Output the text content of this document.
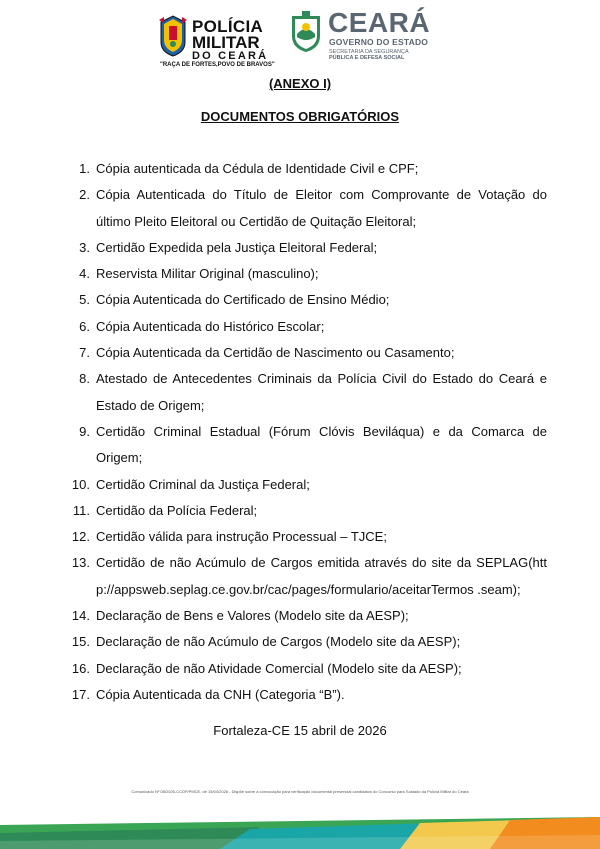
POLÍCIA
MILITAR
DO CEARÁ
"RAÇA DE FORTES,POVO DE BRAVOS"
CEARÁ
GOVERNO DO ESTADO
SECRETARIA DA SEGURANÇA
PÚBLICA E DEFESA SOCIAL
(ANEXO I)
DOCUMENTOS OBRIGATÓRIOS
1. Cópia autenticada da Cédula de Identidade Civil e CPF;
2. Cópia Autenticada do Título de Eleitor com Comprovante de Votação do último Pleito Eleitoral ou Certidão de Quitação Eleitoral;
3. Certidão Expedida pela Justiça Eleitoral Federal;
4. Reservista Militar Original (masculino);
5. Cópia Autenticada do Certificado de Ensino Médio;
6. Cópia Autenticada do Histórico Escolar;
7. Cópia Autenticada da Certidão de Nascimento ou Casamento;
8. Atestado de Antecedentes Criminais da Polícia Civil do Estado do Ceará e Estado de Origem;
9. Certidão Criminal Estadual (Fórum Clóvis Beviláqua) e da Comarca de Origem;
10. Certidão Criminal da Justiça Federal;
11. Certidão da Polícia Federal;
12. Certidão válida para instrução Processual – TJCE;
13. Certidão de não Acúmulo de Cargos emitida através do site da SEPLAG(http://appsweb.seplag.ce.gov.br/cac/pages/formulario/aceitarTermos .seam);
14. Declaração de Bens e Valores (Modelo site da AESP);
15. Declaração de não Acúmulo de Cargos (Modelo site da AESP);
16. Declaração de não Atividade Comercial (Modelo site da AESP);
17. Cópia Autenticada da CNH (Categoria “B”).
Fortaleza-CE 15 abril de 2026
Comunicado Nº 08/2026-CCDP/PMCE, de 15/04/2026 - Dispõe sobre a convocação para verificação documental presencial candidatos do Concurso para Soldado da Polícia Militar do Ceará
